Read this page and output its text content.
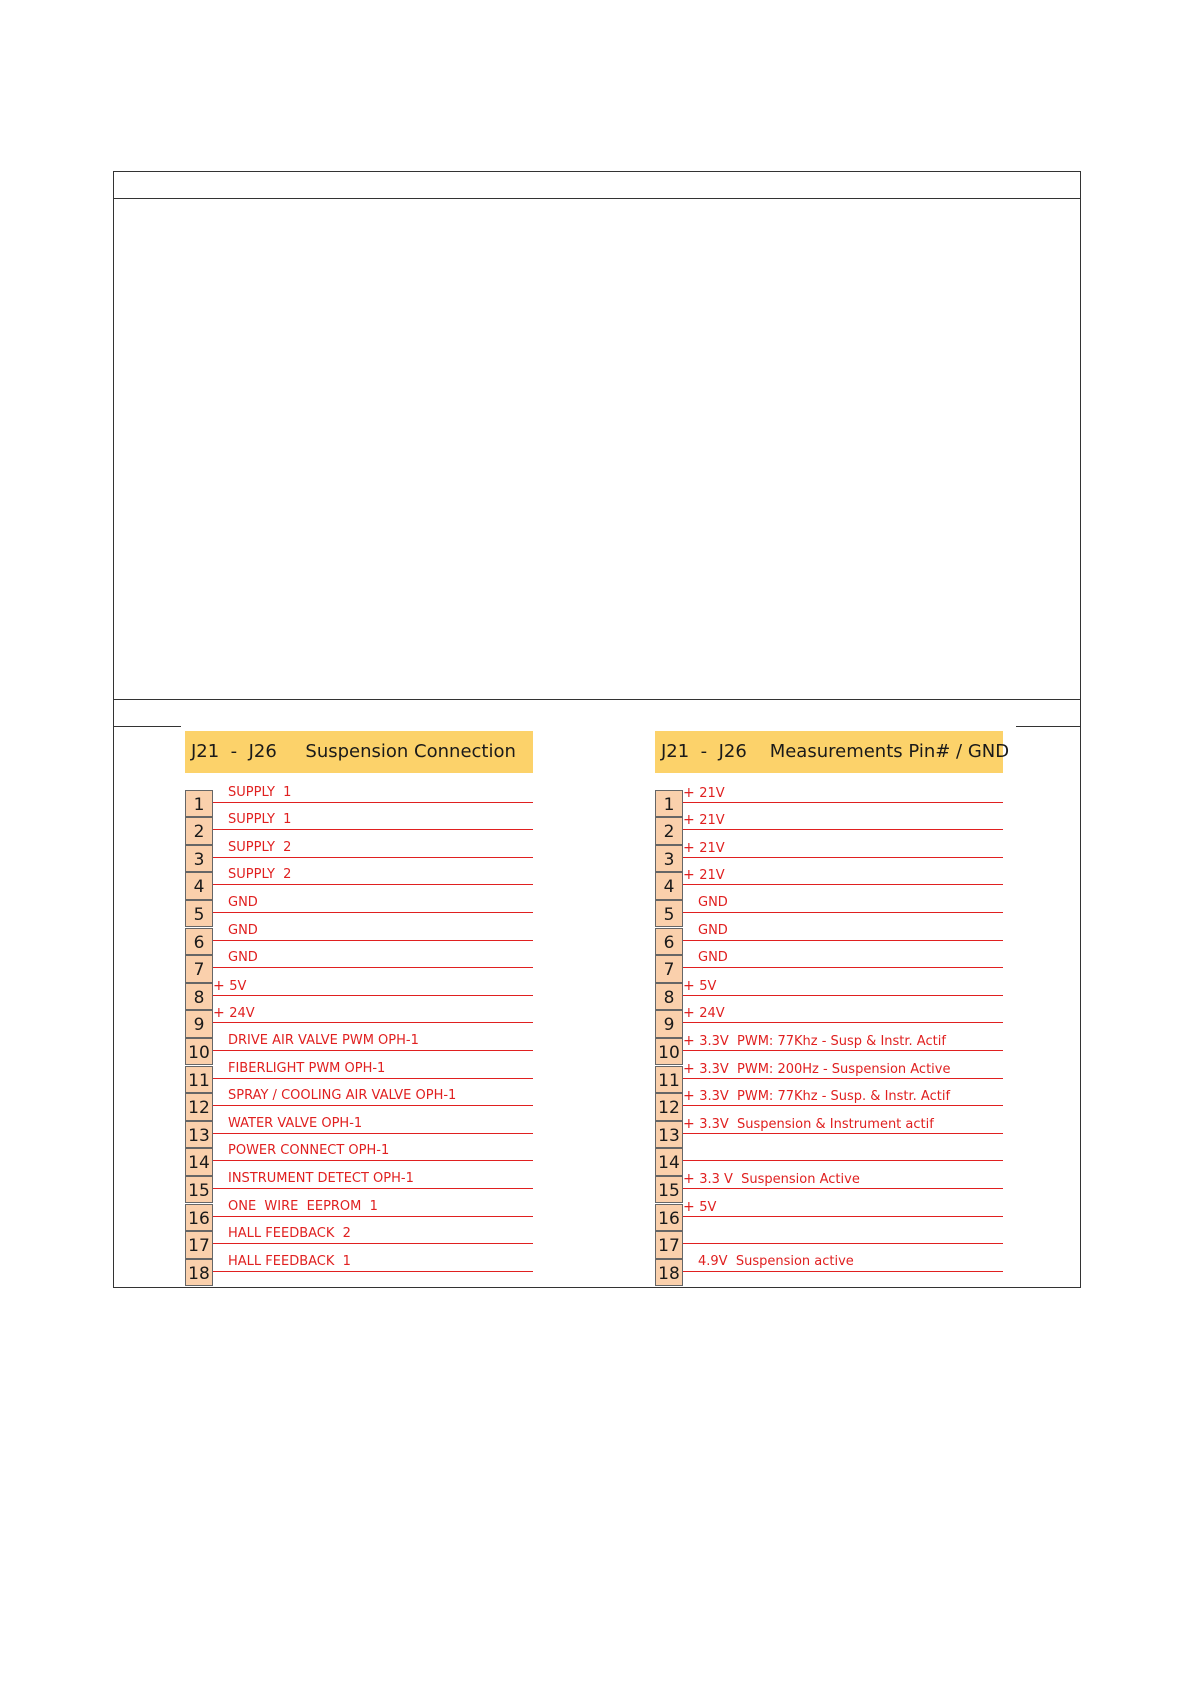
J21  -  J26     Suspension Connection
1
SUPPLY  1
2
SUPPLY  1
3
SUPPLY  2
4
SUPPLY  2
5
GND
6
GND
7
GND
8
+ 5V
9
+ 24V
10
DRIVE AIR VALVE PWM OPH-1
11
FIBERLIGHT PWM OPH-1
12
SPRAY / COOLING AIR VALVE OPH-1
13
WATER VALVE OPH-1
14
POWER CONNECT OPH-1
15
INSTRUMENT DETECT OPH-1
16
ONE  WIRE  EEPROM  1
17
HALL FEEDBACK  2
18
HALL FEEDBACK  1
J21  -  J26    Measurements Pin# / GND
1
+ 21V
2
+ 21V
3
+ 21V
4
+ 21V
5
GND
6
GND
7
GND
8
+ 5V
9
+ 24V
10
+ 3.3V  PWM: 77Khz - Susp & Instr. Actif
11
+ 3.3V  PWM: 200Hz - Suspension Active
12
+ 3.3V  PWM: 77Khz - Susp. & Instr. Actif
13
+ 3.3V  Suspension & Instrument actif
14
15
+ 3.3 V  Suspension Active
16
+ 5V
17
18
4.9V  Suspension active
